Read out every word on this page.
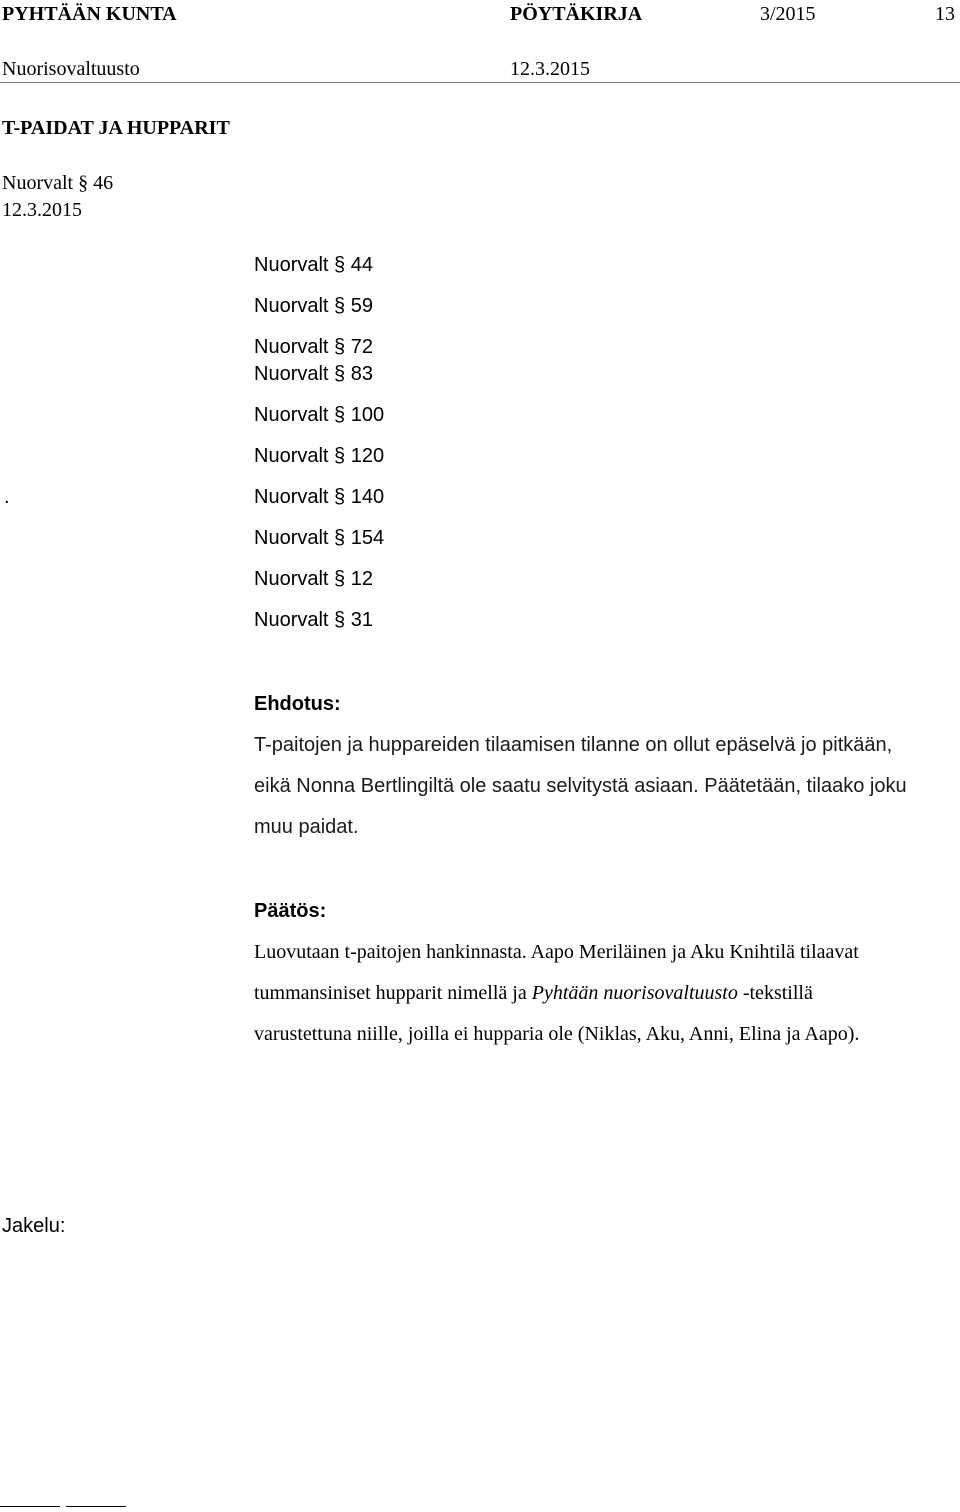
PYHTÄÄN KUNTA	PÖYTÄKIRJA	3/2015	13
Nuorisovaltuusto	12.3.2015
T-PAIDAT JA HUPPARIT
Nuorvalt § 46
12.3.2015
Nuorvalt § 44
Nuorvalt § 59
Nuorvalt § 72
Nuorvalt § 83
Nuorvalt § 100
Nuorvalt § 120
.	Nuorvalt § 140
Nuorvalt § 154
Nuorvalt § 12
Nuorvalt § 31
Ehdotus:
T-paitojen ja huppareiden tilaamisen tilanne on ollut epäselvä jo pitkään,
eikä Nonna Bertlingiltä ole saatu selvitystä asiaan. Päätetään, tilaako joku
muu paidat.
Päätös:
Luovutaan t-paitojen hankinnasta. Aapo Meriläinen ja Aku Knihtilä tilaavat
tummansiniset hupparit nimellä ja Pyhtään nuorisovaltuusto -tekstillä
varustettuna niille, joilla ei hupparia ole (Niklas, Aku, Anni, Elina ja Aapo).
Jakelu:
